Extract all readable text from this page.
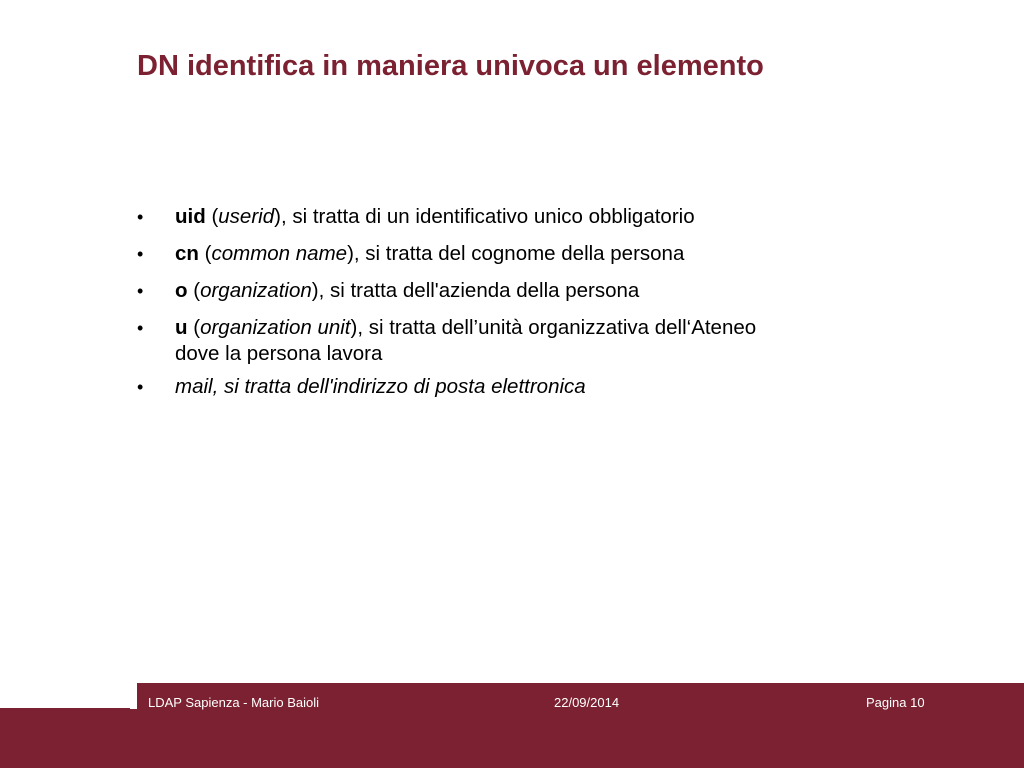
DN identifica in maniera univoca un elemento
•	uid (userid), si tratta di un identificativo unico obbligatorio
•	cn (common name), si tratta del cognome della persona
•	o (organization), si tratta dell'azienda della persona
•	u (organization unit), si tratta dell’unità organizzativa dell‘Ateneo
dove la persona lavora
•	mail, si tratta dell'indirizzo di posta elettronica
LDAP Sapienza - Mario Baioli	22/09/2014	Pagina 10
